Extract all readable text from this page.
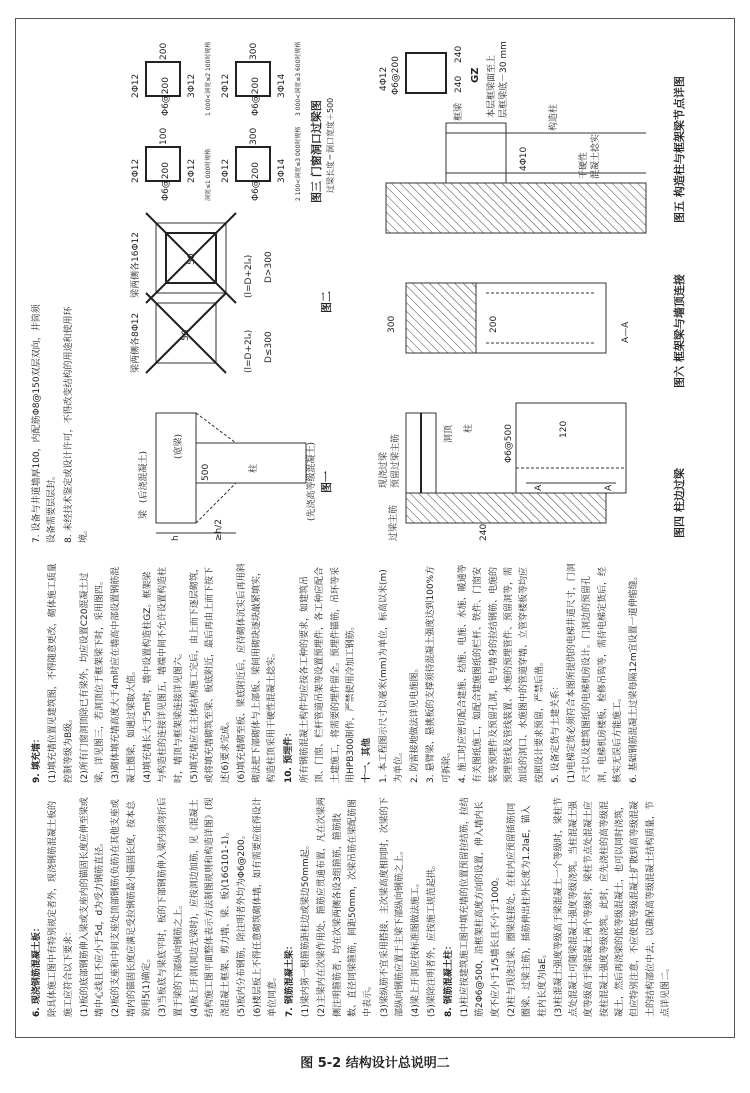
6. 现浇钢筋混凝土板： 除具体施工图中有特别规定者外，现浇钢筋混凝土板的施工应符合以下要求： (1)板的底部钢筋伸入梁或支座内的锚固长度应伸至梁或墙中心线且不应小于5d，d为受力钢筋直径。 (2)板的支座和中间支座处顶部钢筋(负筋)在其他支座或墙内的锚固长度应满足受拉钢筋最小锚固长度，按本总说明5(1)确定。 (3)当板底与梁底平时，板的下部钢筋伸入梁内须弯折后置于梁的下部纵向钢筋之上。 (4)板上开洞(洞边无梁时)，应按洞边加筋，见《混凝土结构施工图平面整体表示方法制图规则和构造详图》(现浇混凝土框架、剪力墙、梁、板)(16G101-1)。 (5)板内分布钢筋，除注明者外均为Φ6@200。 (6)楼层板上不得任意砌筑砌体墙，如有需要应征得设计单位同意。 7. 钢筋混凝土梁： (1)梁内第一根箍筋距柱边或梁边50mm起。 (2)主梁内在次梁作用处，箍筋应贯通布置，凡在次梁两侧注明箍筋者，均在次梁两侧各设3组箍筋，箍筋肢数、直径同梁箍筋，间距50mm，次梁吊筋在梁配筋图中表示。 (3)梁纵筋不宜采用搭接，主次梁高度相同时，次梁的下部纵向钢筋应置于主梁下部纵向钢筋之上。 (4)梁上开洞应按标准图做法施工。 (5)梁除注明者外，应按施工规范起拱。 8. 钢筋混凝土柱： (1)柱应按建筑施工图中填充墙的位置预留拉结筋，拉结筋2Φ6@500，沿框架柱高度方向的设置，伸入墙内长度不应小于1/5墙长且不小于1000。 (2)柱与现浇过梁、圈梁连接处，在柱内应预留插筋(同圈梁、过梁主筋)，插筋伸出柱外长度为1.2laE，锚入柱内长度为laE。 (3)柱混凝土强度等级高于梁混凝土一个等级时，梁柱节点处混凝土可随梁混凝土强度等级浇筑。当柱混凝土强度等级高于梁混凝土两个等级时，梁柱节点处混凝土应按柱混凝土强度等级浇筑。此时，应先浇柱的高等级混凝土，然后再浇梁的低等级混凝土，也可以同时浇筑，但应特别注意，不应使低等级混凝土扩散到高等级混凝土的结构部位中去，以确保高等级混凝土结构质量，节点详见图二。

9. 填充墙： (1)填充墙位置见建筑图，不得随意更改，砌体施工质量控制等级为B级。 (2)所有门窗洞顶除已有梁外，均应设置C20混凝土过梁，详见图三，若洞顶位于框架梁下时，采用图四。 (3)砌体填充墙高度大于4m时应在墙高中部设置钢筋混凝土圈梁，如遇过梁取大值。 (4)填充墙长大于5m时，墙中设置构造柱GZ。框架梁与构造柱的连接详见图五，墙端中间不允许设置构造柱时，墙顶与框架梁连接详见图六。 (5)填充墙应在主体结构施工完后，由上而下逐层砌筑，或将填充墙砌筑至梁、板底附近，最后再由上而下按下述(6)要求完成。 (6)填充墙砌至板、梁底附近后，应待砌体沉实后再用斜砌法把下部砌体与上部板、梁间用砌块逐块敲紧填实，构造柱顶采用干硬性混凝土捻实。 10. 预埋件： 所有钢筋混凝土构件均应按各工种的要求，如建筑吊顶、门窗、栏杆管道吊架等设置预埋件，各工种应配合土建施工，将需要的埋件留全。预埋件锚筋，吊环等采用HPB300制作，严禁使用冷加工钢筋。 十一、其他 1. 本工程图示尺寸以毫米(mm)为单位，标高以米(m)为单位。 2. 防雷接地做法详见电施图。 3. 悬臂梁、悬挑板的支撑须待混凝土强度达到100%方可拆除。 4. 施工时应密切配合建施、结施、电施、水施、暖通等有关图纸施工，如配合建施图纸的栏杆、铁件、门窗安装等预埋件及预留孔洞，电与墙身的拉结钢筋、电施的预埋管线及管线装置、水施的预埋管件、预留洞等，需加设的洞口、水施图中的管道穿墙、立管穿楼板等均应按照设计要求预留，严禁后凿。 5. 设备定货与土建关系： (1)电梯定货必须符合本图所提供的电梯井道尺寸，门洞尺寸以及建筑图纸的电梯机房设计。门洞边的预留孔洞，电梯机房楼板，检修吊钩等，需待电梯定货后，经核实无误后方能施工。 6. 基础钢筋混凝土过梁每隔12m宜设置一道伸缩缝。

7. 设备与井道墙厚100，内配筋Φ8@150双层双向，井筒须设备需要层层封。 8. 未经技术鉴定或设计许可，不得改变结构的用途和使用环境。	h	≥h/2
梁
(后浇混凝土)
(宽梁)
柱	(先浇高等级混凝土)
500	图一
梁两侧各8Φ12	(l=D+2lₐ)
梁两侧各16Φ12	(l=D+2lₐ)
D≤300
D>300
50
50
图二
2Φ12 Φ6@200 2Φ12
100
洞宽≤1 000时规格
2Φ12 Φ6@200 3Φ12
200	1 000<洞宽≤2 100时规格
2Φ12 Φ6@200 3Φ14
300	2 100<洞宽≤3 000时规格
2Φ12 Φ6@200 3Φ14
300	3 000<洞宽≤3 600时规格
图三 门窗洞口过梁图 过梁长度＝洞口宽度＋500
现浇过梁 预留过梁主筋	洞顶 柱
过梁主筋	240
Φ6@500
A	A
120
图四 柱边过梁
300	200	A—A	图六 框架梁与墙顶连接
框梁
4Φ10
构造柱
干硬性 混凝土捻实
4Φ12 Φ6@200	240
240
GZ 本层框梁面至上 层框梁底－30 mm	图五 构造柱与框架梁节点详图
图 5-2 结构设计总说明二
